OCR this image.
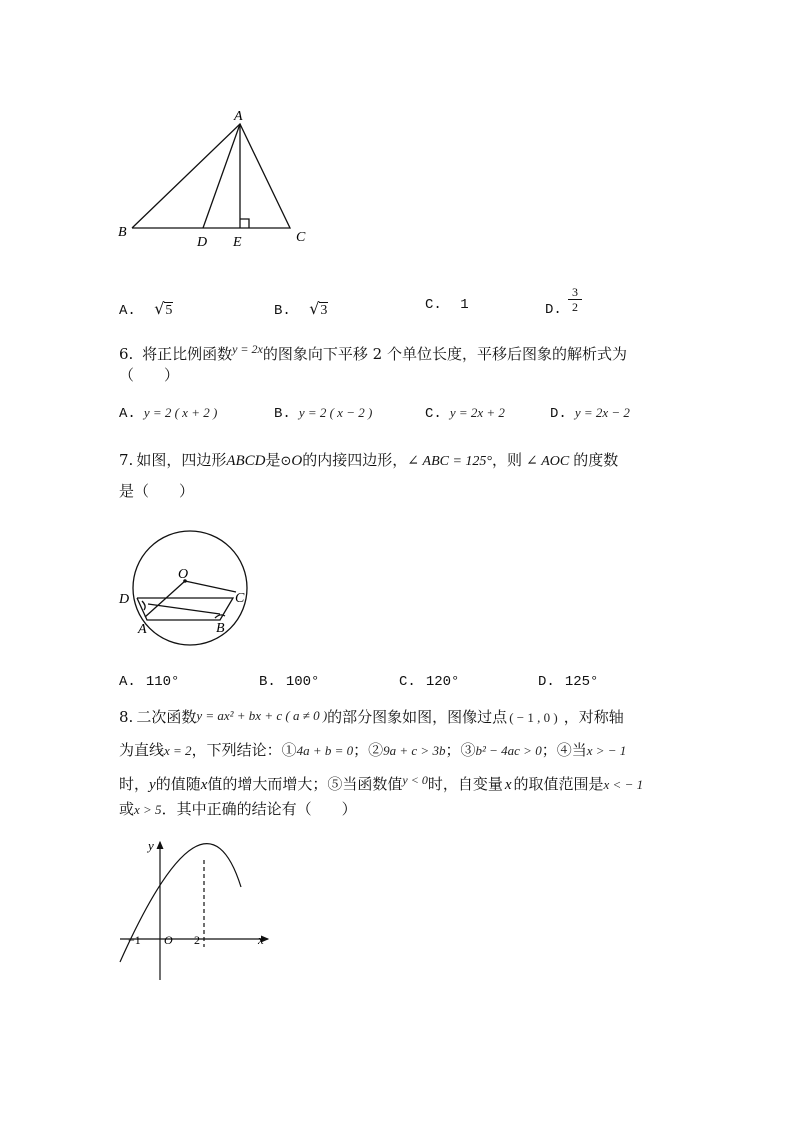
A
B	C
D E
A. √5	B. √3	C. 1	D. $\frac{3}{2}$
6. 将正比例函数$^{y = 2x}$的图象向下平移 2 个单位长度，平移后图象的解析式为
（　　）
A. y = 2 ( x + 2 )	B. y = 2 ( x − 2 )	C. y = 2x + 2	D. y = 2x − 2
7. 如图，四边形ABCD是⊙O的内接四边形，∠ ABC = 125°，则 ∠ AOC 的度数
是（　　）
O
D	C
A	B
A. 110°	B. 100°	C. 120°	D. 125°
8. 二次函数y = ax² + bx + c ( a ≠ 0 )的部分图象如图，图像过点 ( − 1 , 0 ) ，对称轴
为直线x = 2，下列结论：①4a + b = 0；②9a + c > 3b；③b² − 4ac > 0；④当x > − 1
时，y的值随x值的增大而增大；⑤当函数值$^{y < 0}$时，自变量 x 的取值范围是x < − 1
或x > 5．其中正确的结论有（　　）
y
x
O
−1	2
